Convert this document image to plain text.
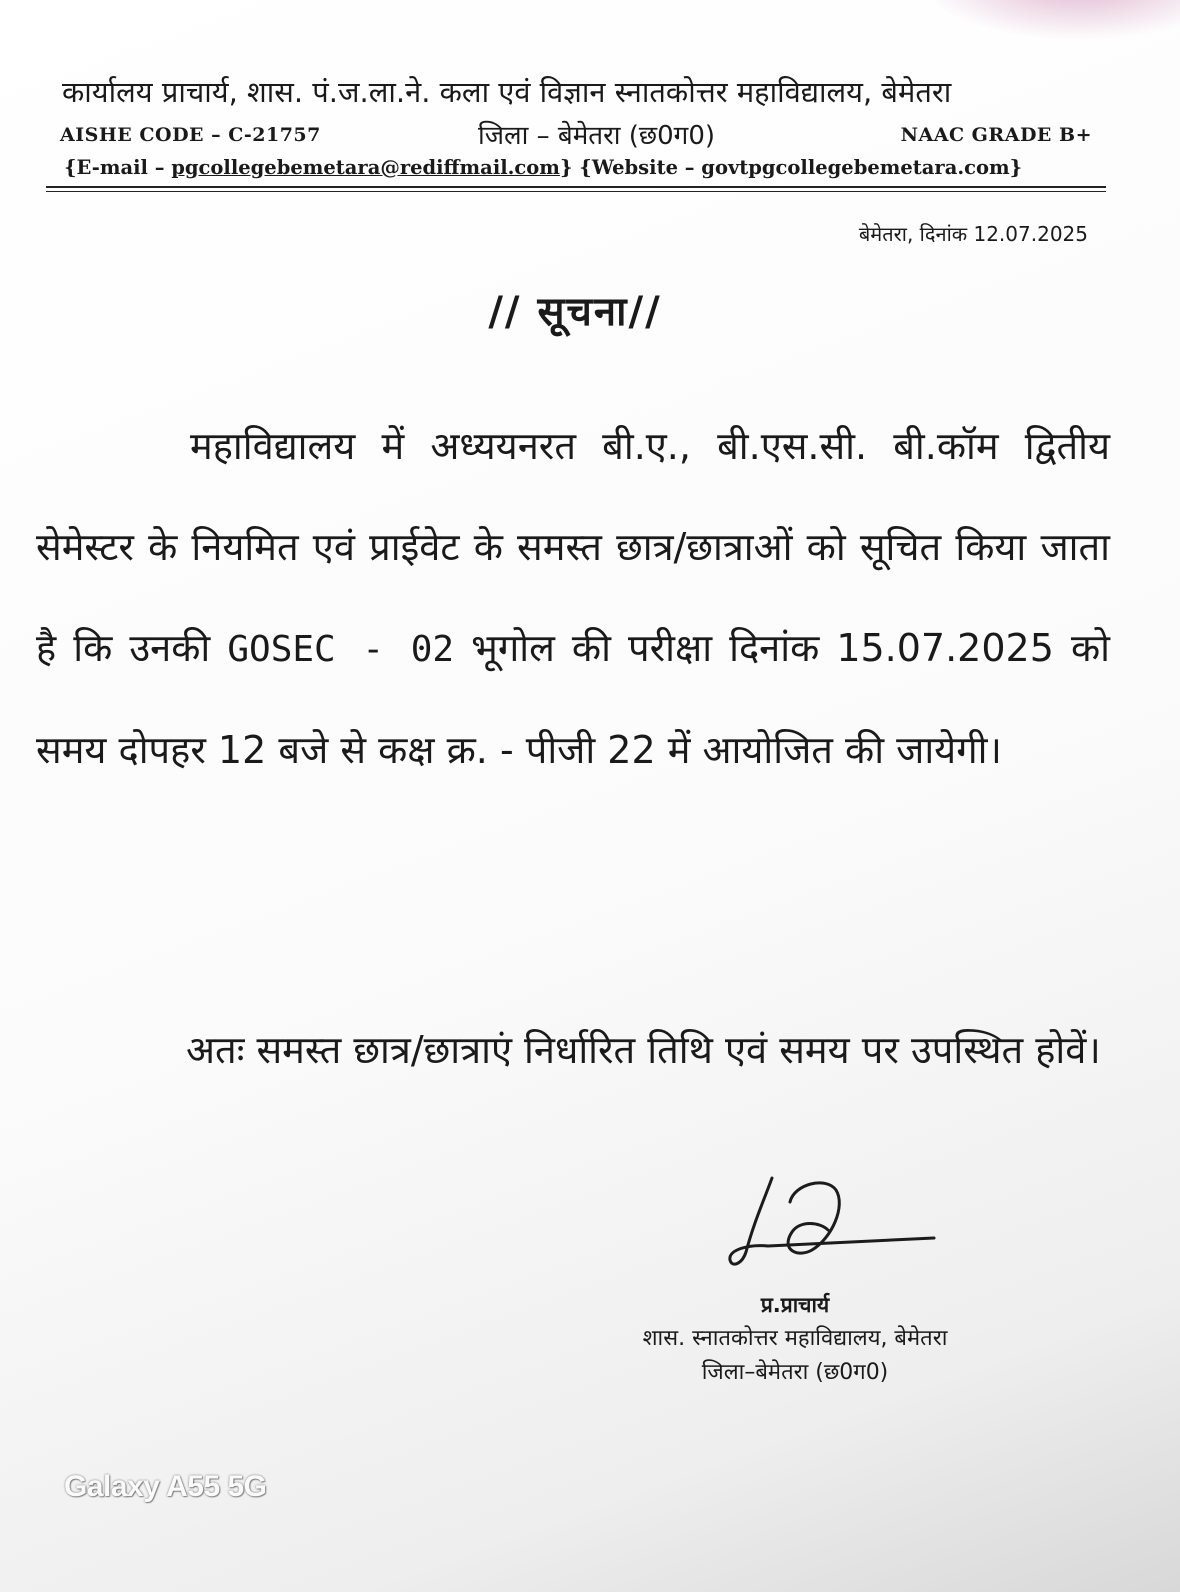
कार्यालय प्राचार्य, शास. पं.ज.ला.ने. कला एवं विज्ञान स्नातकोत्तर महाविद्यालय, बेमेतरा
AISHE CODE – C-21757	जिला – बेमेतरा (छ0ग0)	NAAC GRADE B+
{E-mail – pgcollegebemetara@rediffmail.com} {Website – govtpgcollegebemetara.com}
बेमेतरा, दिनांक 12.07.2025
// सूचना//

महाविद्यालय में अध्ययनरत बी.ए., बी.एस.सी. बी.कॉम द्वितीय सेमेस्टर के नियमित एवं प्राईवेट के समस्त छात्र/छात्राओं को सूचित किया जाता है कि उनकी GOSEC - 02 भूगोल की परीक्षा दिनांक 15.07.2025 को समय दोपहर 12 बजे से कक्ष क्र. - पीजी 22 में आयोजित की जायेगी।

अतः समस्त छात्र/छात्राएं निर्धारित तिथि एवं समय पर उपस्थित होवें।

प्र.प्राचार्य
शास. स्नातकोत्तर महाविद्यालय, बेमेतरा
जिला–बेमेतरा (छ0ग0)
Galaxy A55 5G
